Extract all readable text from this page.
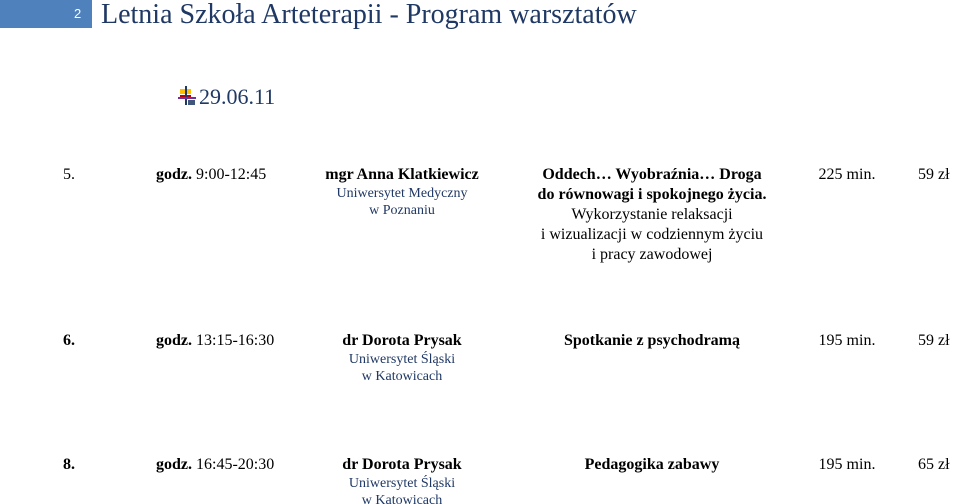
2 Letnia Szkoła Arteterapii - Program warsztatów
29.06.11
5.	godz. 9:00-12:45	mgr Anna Klatkiewicz
Uniwersytet Medyczny
w Poznaniu
Oddech… Wyobraźnia… Droga
do równowagi i spokojnego życia.
Wykorzystanie relaksacji
i wizualizacji w codziennym życiu
i pracy zawodowej
225 min.	59 zł
6.	godz. 13:15-16:30	dr Dorota Prysak
Uniwersytet Śląski
w Katowicach
Spotkanie z psychodramą	195 min.	59 zł
8.	godz. 16:45-20:30	dr Dorota Prysak
Uniwersytet Śląski
w Katowicach
Pedagogika zabawy	195 min.	65 zł
